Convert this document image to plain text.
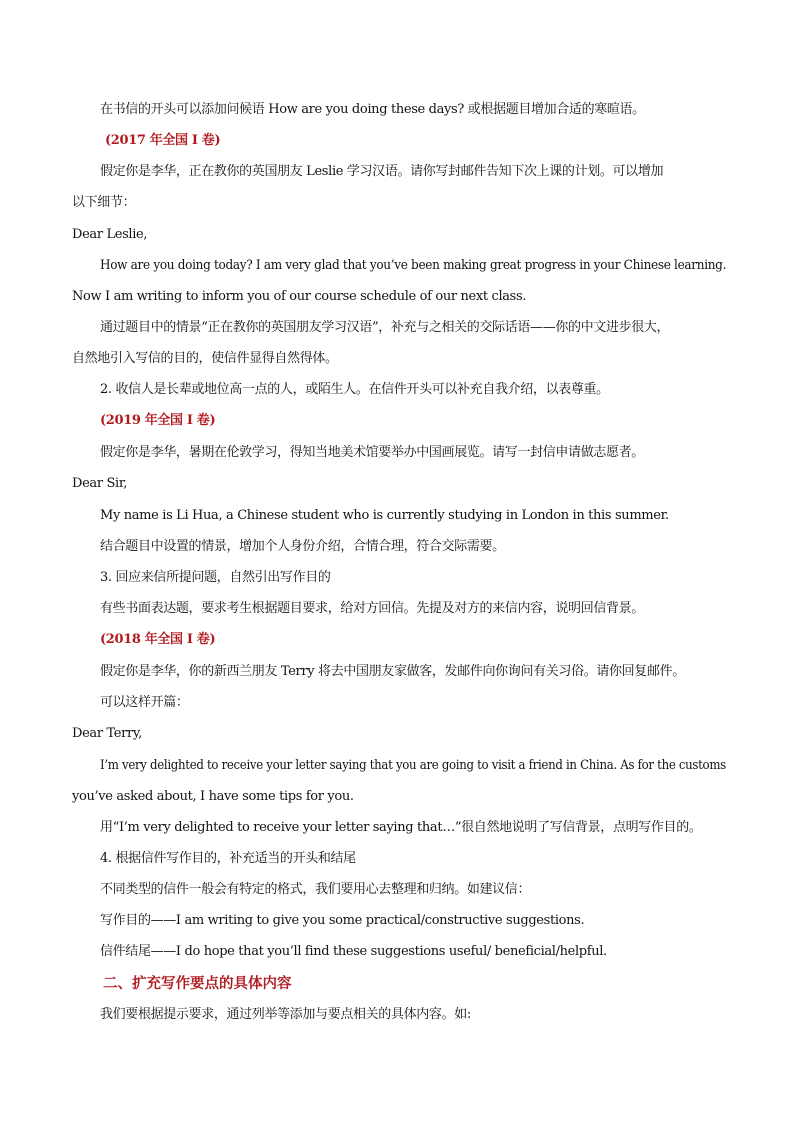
在书信的开头可以添加问候语 How are you doing these days? 或根据题目增加合适的寒暄语。
(2017 年全国 I 卷)
假定你是李华，正在教你的英国朋友 Leslie 学习汉语。请你写封邮件告知下次上课的计划。可以增加
以下细节：
Dear Leslie,
How are you doing today? I am very glad that you’ve been making great progress in your Chinese learning.
Now I am writing to inform you of our course schedule of our next class.
通过题目中的情景“正在教你的英国朋友学习汉语”，补充与之相关的交际话语——你的中文进步很大，
自然地引入写信的目的，使信件显得自然得体。
2. 收信人是长辈或地位高一点的人，或陌生人。在信件开头可以补充自我介绍，以表尊重。
(2019 年全国 I 卷)
假定你是李华，暑期在伦敦学习，得知当地美术馆要举办中国画展览。请写一封信申请做志愿者。
Dear Sir,
My name is Li Hua, a Chinese student who is currently studying in London in this summer.
结合题目中设置的情景，增加个人身份介绍，合情合理，符合交际需要。
3. 回应来信所提问题，自然引出写作目的
有些书面表达题，要求考生根据题目要求，给对方回信。先提及对方的来信内容，说明回信背景。
(2018 年全国 I 卷)
假定你是李华，你的新西兰朋友 Terry 将去中国朋友家做客，发邮件向你询问有关习俗。请你回复邮件。
可以这样开篇：
Dear Terry,
I’m very delighted to receive your letter saying that you are going to visit a friend in China. As for the customs
you’ve asked about, I have some tips for you.
用“I’m very delighted to receive your letter saying that…”很自然地说明了写信背景，点明写作目的。
4. 根据信件写作目的，补充适当的开头和结尾
不同类型的信件一般会有特定的格式，我们要用心去整理和归纳。如建议信：
写作目的——I am writing to give you some practical/constructive suggestions.
信件结尾——I do hope that you’ll find these suggestions useful/ beneficial/helpful.
二、扩充写作要点的具体内容
我们要根据提示要求，通过列举等添加与要点相关的具体内容。如:
